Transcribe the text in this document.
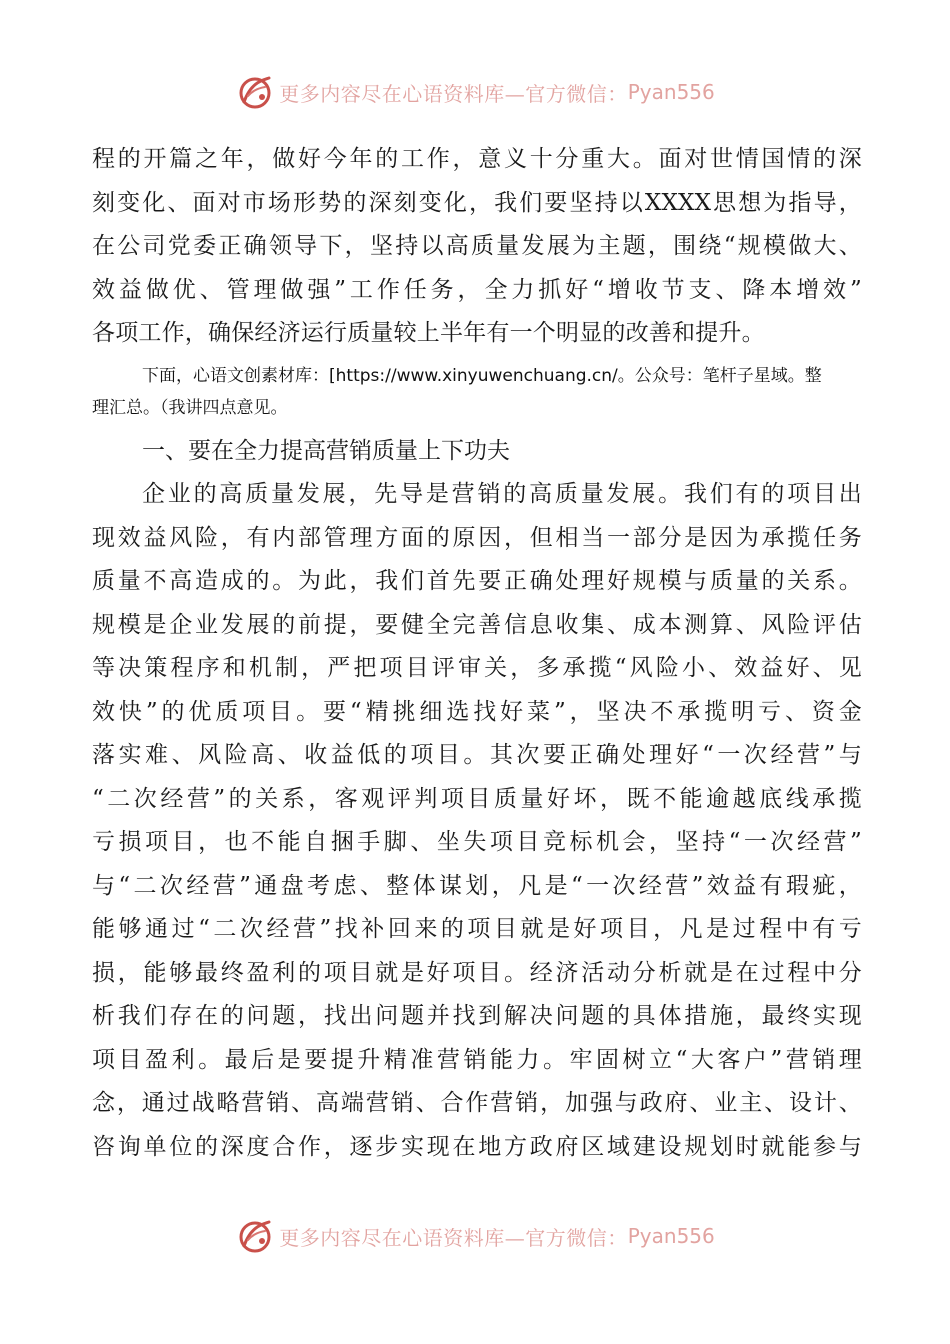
更多内容尽在心语资料库—官方微信： Pyan556
程的开篇之年，做好今年的工作，意义十分重大。面对世情国情的深
刻变化、面对市场形势的深刻变化，我们要坚持以XXXX思想为指导，
在公司党委正确领导下，坚持以高质量发展为主题，围绕“规模做大、
效益做优、管理做强”工作任务，全力抓好“增收节支、降本增效”
各项工作，确保经济运行质量较上半年有一个明显的改善和提升。
下面，心语文创素材库：[https://www.xinyuwenchuang.cn/。公众号：笔杆子星域。整
理汇总。（我讲四点意见。
一、要在全力提高营销质量上下功夫
企业的高质量发展，先导是营销的高质量发展。我们有的项目出
现效益风险，有内部管理方面的原因，但相当一部分是因为承揽任务
质量不高造成的。为此，我们首先要正确处理好规模与质量的关系。
规模是企业发展的前提，要健全完善信息收集、成本测算、风险评估
等决策程序和机制，严把项目评审关，多承揽“风险小、效益好、见
效快”的优质项目。要“精挑细选找好菜”，坚决不承揽明亏、资金
落实难、风险高、收益低的项目。其次要正确处理好“一次经营”与
“二次经营”的关系，客观评判项目质量好坏，既不能逾越底线承揽
亏损项目，也不能自捆手脚、坐失项目竞标机会，坚持“一次经营”
与“二次经营”通盘考虑、整体谋划，凡是“一次经营”效益有瑕疵，
能够通过“二次经营”找补回来的项目就是好项目，凡是过程中有亏
损，能够最终盈利的项目就是好项目。经济活动分析就是在过程中分
析我们存在的问题，找出问题并找到解决问题的具体措施，最终实现
项目盈利。最后是要提升精准营销能力。牢固树立“大客户”营销理
念，通过战略营销、高端营销、合作营销，加强与政府、业主、设计、
咨询单位的深度合作，逐步实现在地方政府区域建设规划时就能参与
更多内容尽在心语资料库—官方微信： Pyan556
